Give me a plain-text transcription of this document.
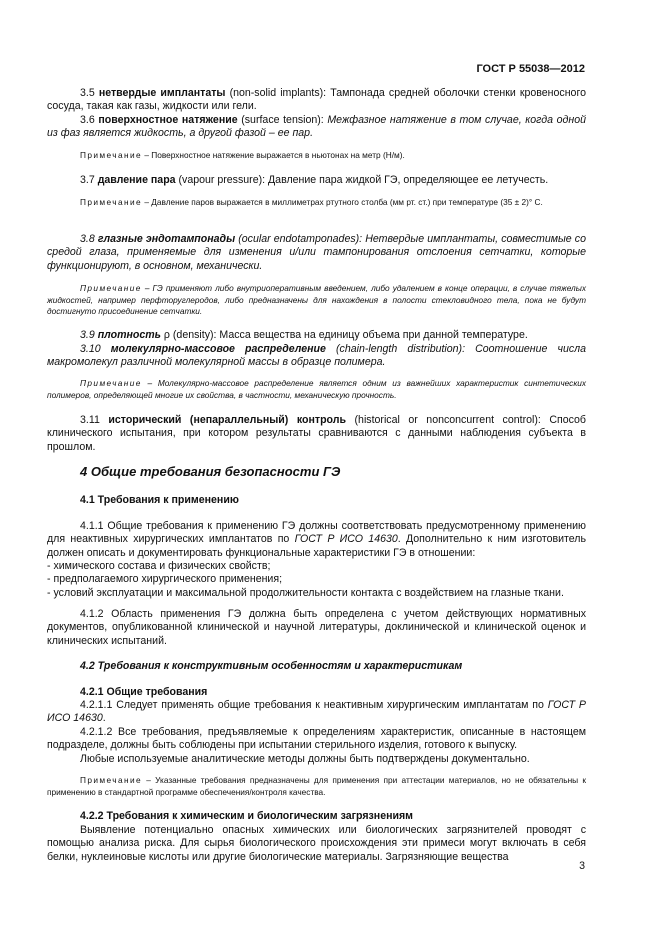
ГОСТ Р 55038—2012

3.5 нетвердые имплантаты (non-solid implants): Тампонада средней оболочки стенки кровеносного сосуда, такая как газы, жидкости или гели.

3.6 поверхностное натяжение (surface tension): Межфазное натяжение в том случае, когда одной из фаз является жидкость, а другой фазой – ее пар.

Примечание – Поверхностное натяжение выражается в ньютонах на метр (Н/м).

3.7 давление пара (vapour pressure): Давление пара жидкой ГЭ, определяющее ее летучесть.

Примечание – Давление паров выражается в миллиметрах ртутного столба (мм рт. ст.) при температуре (35 ± 2)° С.

3.8 глазные эндотампонады (ocular endotamponades): Нетвердые имплантаты, совместимые со средой глаза, применяемые для изменения и/или тампонирования отслоения сетчатки, которые функционируют, в основном, механически.

Примечание – ГЭ применяют либо внутриоперативным введением, либо удалением в конце операции, в случае тяжелых жидкостей, например перфторуглеродов, либо предназначены для нахождения в полости стекловидного тела, пока не будут достигнуто присоединение сетчатки.

3.9 плотность ρ (density): Масса вещества на единицу объема при данной температуре.

3.10 молекулярно-массовое распределение (chain-length distribution): Соотношение числа макромолекул различной молекулярной массы в образце полимера.

Примечание – Молекулярно-массовое распределение является одним из важнейших характеристик синтетических полимеров, определяющей многие их свойства, в частности, механическую прочность.

3.11 исторический (непараллельный) контроль (historical or nonconcurrent control): Способ клинического испытания, при котором результаты сравниваются с данными наблюдения субъекта в прошлом.

4 Общие требования безопасности ГЭ

4.1 Требования к применению

4.1.1 Общие требования к применению ГЭ должны соответствовать предусмотренному применению для неактивных хирургических имплантатов по ГОСТ Р ИСО 14630. Дополнительно к ним изготовитель должен описать и документировать функциональные характеристики ГЭ в отношении:

- химического состава и физических свойств;

- предполагаемого хирургического применения;

- условий эксплуатации и максимальной продолжительности контакта с воздействием на глазные ткани.

4.1.2 Область применения ГЭ должна быть определена с учетом действующих нормативных документов, опубликованной клинической и научной литературы, доклинической и клинической оценок и клинических испытаний.

4.2 Требования к конструктивным особенностям и характеристикам

4.2.1 Общие требования

4.2.1.1 Следует применять общие требования к неактивным хирургическим имплантатам по ГОСТ Р ИСО 14630.

4.2.1.2 Все требования, предъявляемые к определениям характеристик, описанные в настоящем подразделе, должны быть соблюдены при испытании стерильного изделия, готового к выпуску.

Любые используемые аналитические методы должны быть подтверждены документально.

Примечание – Указанные требования предназначены для применения при аттестации материалов, но не обязательны к применению в стандартной программе обеспечения/контроля качества.

4.2.2 Требования к химическим и биологическим загрязнениям

Выявление потенциально опасных химических или биологических загрязнителей проводят с помощью анализа риска. Для сырья биологического происхождения эти примеси могут включать в себя белки, нуклеиновые кислоты или другие биологические материалы. Загрязняющие вещества

3
